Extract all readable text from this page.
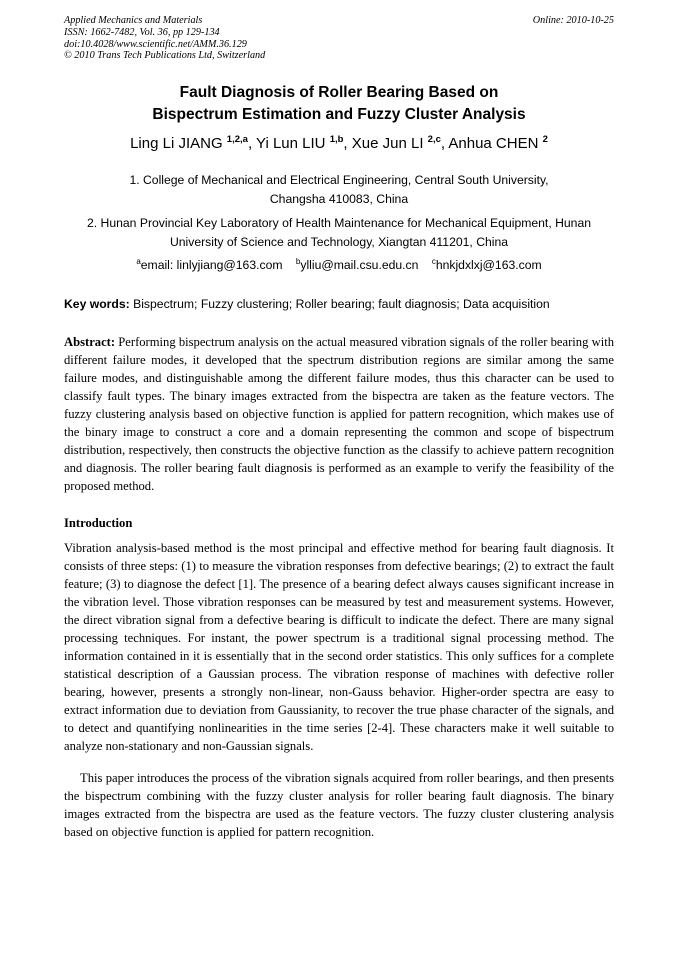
Applied Mechanics and Materials
ISSN: 1662-7482, Vol. 36, pp 129-134
doi:10.4028/www.scientific.net/AMM.36.129
© 2010 Trans Tech Publications Ltd, Switzerland
Online: 2010-10-25
Fault Diagnosis of Roller Bearing Based on
Bispectrum Estimation and Fuzzy Cluster Analysis
Ling Li JIANG $^{1,2,a}$, Yi Lun LIU $^{1,b}$, Xue Jun LI $^{2,c}$, Anhua CHEN $^2$
1. College of Mechanical and Electrical Engineering, Central South University,
Changsha 410083, China
2. Hunan Provincial Key Laboratory of Health Maintenance for Mechanical Equipment, Hunan
University of Science and Technology, Xiangtan 411201, China
$^a$email: linlyjiang@163.com $^b$ylliu@mail.csu.edu.cn $^c$hnkjdxlxj@163.com
Key words: Bispectrum; Fuzzy clustering; Roller bearing; fault diagnosis; Data acquisition
Abstract: Performing bispectrum analysis on the actual measured vibration signals of the roller bearing with different failure modes, it developed that the spectrum distribution regions are similar among the same failure modes, and distinguishable among the different failure modes, thus this character can be used to classify fault types. The binary images extracted from the bispectra are taken as the feature vectors. The fuzzy clustering analysis based on objective function is applied for pattern recognition, which makes use of the binary image to construct a core and a domain representing the common and scope of bispectrum distribution, respectively, then constructs the objective function as the classify to achieve pattern recognition and diagnosis. The roller bearing fault diagnosis is performed as an example to verify the feasibility of the proposed method.
Introduction
Vibration analysis-based method is the most principal and effective method for bearing fault diagnosis. It consists of three steps: (1) to measure the vibration responses from defective bearings; (2) to extract the fault feature; (3) to diagnose the defect [1]. The presence of a bearing defect always causes significant increase in the vibration level. Those vibration responses can be measured by test and measurement systems. However, the direct vibration signal from a defective bearing is difficult to indicate the defect. There are many signal processing techniques. For instant, the power spectrum is a traditional signal processing method. The information contained in it is essentially that in the second order statistics. This only suffices for a complete statistical description of a Gaussian process. The vibration response of machines with defective roller bearing, however, presents a strongly non-linear, non-Gauss behavior. Higher-order spectra are easy to extract information due to deviation from Gaussianity, to recover the true phase character of the signals, and to detect and quantifying nonlinearities in the time series [2-4]. These characters make it well suitable to analyze non-stationary and non-Gaussian signals.
This paper introduces the process of the vibration signals acquired from roller bearings, and then presents the bispectrum combining with the fuzzy cluster analysis for roller bearing fault diagnosis. The binary images extracted from the bispectra are used as the feature vectors. The fuzzy cluster clustering analysis based on objective function is applied for pattern recognition.
